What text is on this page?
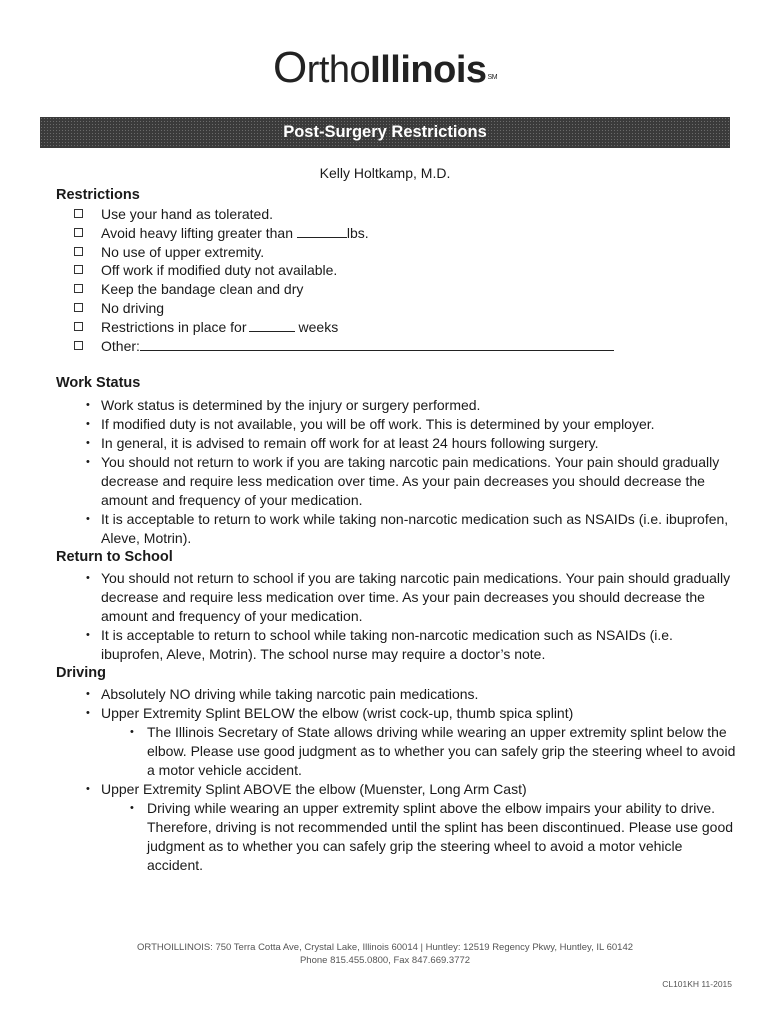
OrthoIllinois℠
Post-Surgery Restrictions
Kelly Holtkamp, M.D.
Restrictions
Use your hand as tolerated.
Avoid heavy lifting greater than	lbs.
No use of upper extremity.
Off work if modified duty not available.
Keep the bandage clean and dry
No driving
Restrictions in place for	weeks
Other:
Work Status
• Work status is determined by the injury or surgery performed.
• If modified duty is not available, you will be off work. This is determined by your employer.
• In general, it is advised to remain off work for at least 24 hours following surgery.
• You should not return to work if you are taking narcotic pain medications. Your pain should gradually decrease and require less medication over time. As your pain decreases you should decrease the amount and frequency of your medication.
• It is acceptable to return to work while taking non-narcotic medication such as NSAIDs (i.e. ibuprofen, Aleve, Motrin).
Return to School
• You should not return to school if you are taking narcotic pain medications. Your pain should gradually decrease and require less medication over time. As your pain decreases you should decrease the amount and frequency of your medication.
• It is acceptable to return to school while taking non-narcotic medication such as NSAIDs (i.e. ibuprofen, Aleve, Motrin). The school nurse may require a doctor’s note.
Driving
• Absolutely NO driving while taking narcotic pain medications.
• Upper Extremity Splint BELOW the elbow (wrist cock-up, thumb spica splint)
• The Illinois Secretary of State allows driving while wearing an upper extremity splint below the elbow. Please use good judgment as to whether you can safely grip the steering wheel to avoid a motor vehicle accident.
• Upper Extremity Splint ABOVE the elbow (Muenster, Long Arm Cast)
• Driving while wearing an upper extremity splint above the elbow impairs your ability to drive. Therefore, driving is not recommended until the splint has been discontinued. Please use good judgment as to whether you can safely grip the steering wheel to avoid a motor vehicle accident.
ORTHOILLINOIS: 750 Terra Cotta Ave, Crystal Lake, Illinois 60014 | Huntley: 12519 Regency Pkwy, Huntley, IL 60142
Phone 815.455.0800, Fax 847.669.3772
CL101KH 11-2015
